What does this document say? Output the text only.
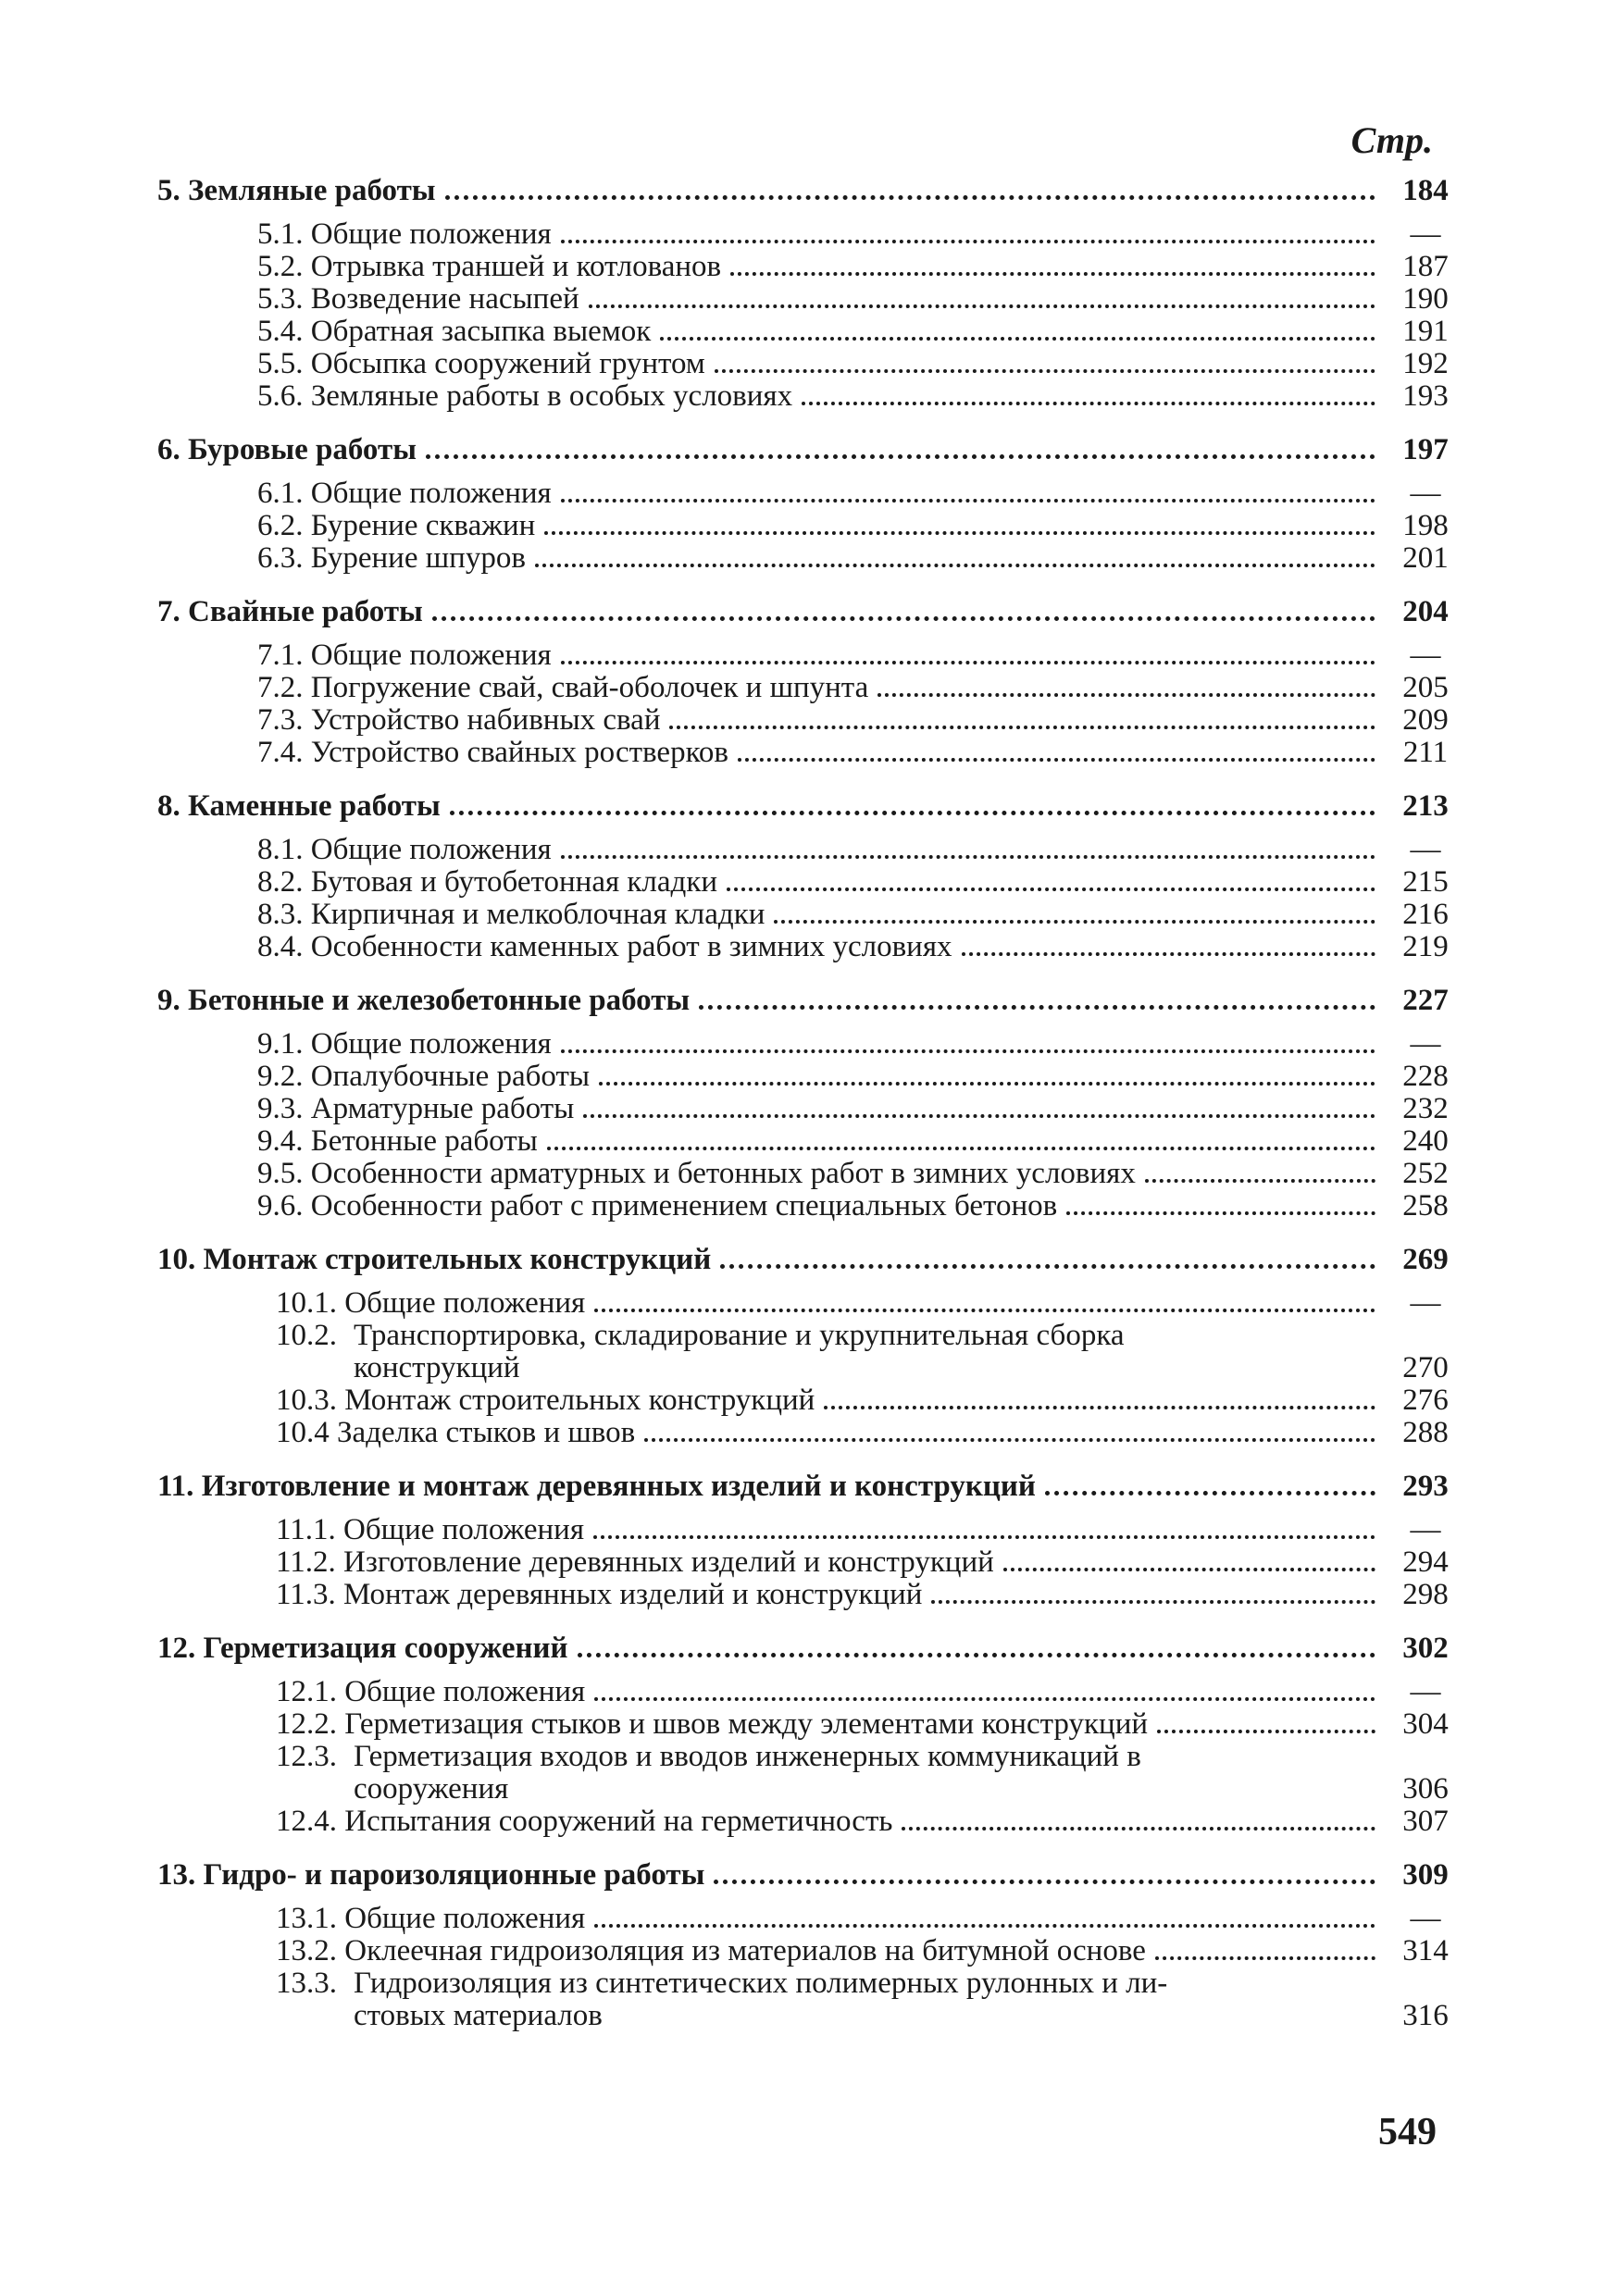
Стр.
5. Земляные работы	184
5.1. Общие положения	—
5.2. Отрывка траншей и котлованов	187
5.3. Возведение насыпей	190
5.4. Обратная засыпка выемок	191
5.5. Обсыпка сооружений грунтом	192
5.6. Земляные работы в особых условиях	193
6. Буровые работы	197
6.1. Общие положения	—
6.2. Бурение скважин	198
6.3. Бурение шпуров	201
7. Свайные работы	204
7.1. Общие положения	—
7.2. Погружение свай, свай-оболочек и шпунта	205
7.3. Устройство набивных свай	209
7.4. Устройство свайных ростверков	211
8. Каменные работы	213
8.1. Общие положения	—
8.2. Бутовая и бутобетонная кладки	215
8.3. Кирпичная и мелкоблочная кладки	216
8.4. Особенности каменных работ в зимних условиях	219
9. Бетонные и железобетонные работы	227
9.1. Общие положения	—
9.2. Опалубочные работы	228
9.3. Арматурные работы	232
9.4. Бетонные работы	240
9.5. Особенности арматурных и бетонных работ в зимних условиях	252
9.6. Особенности работ с применением специальных бетонов	258
10. Монтаж строительных конструкций	269
10.1. Общие положения	—
10.2. Транспортировка, складирование и укрупнительная сборка
конструкций	270
10.3. Монтаж строительных конструкций	276
10.4 Заделка стыков и швов	288
11. Изготовление и монтаж деревянных изделий и конструкций	293
11.1. Общие положения	—
11.2. Изготовление деревянных изделий и конструкций	294
11.3. Монтаж деревянных изделий и конструкций	298
12. Герметизация сооружений	302
12.1. Общие положения	—
12.2. Герметизация стыков и швов между элементами конструкций	304
12.3. Герметизация входов и вводов инженерных коммуникаций в
сооружения	306
12.4. Испытания сооружений на герметичность	307
13. Гидро- и пароизоляционные работы	309
13.1. Общие положения	—
13.2. Оклеечная гидроизоляция из материалов на битумной основе	314
13.3. Гидроизоляция из синтетических полимерных рулонных и ли-
стовых материалов	316
549
